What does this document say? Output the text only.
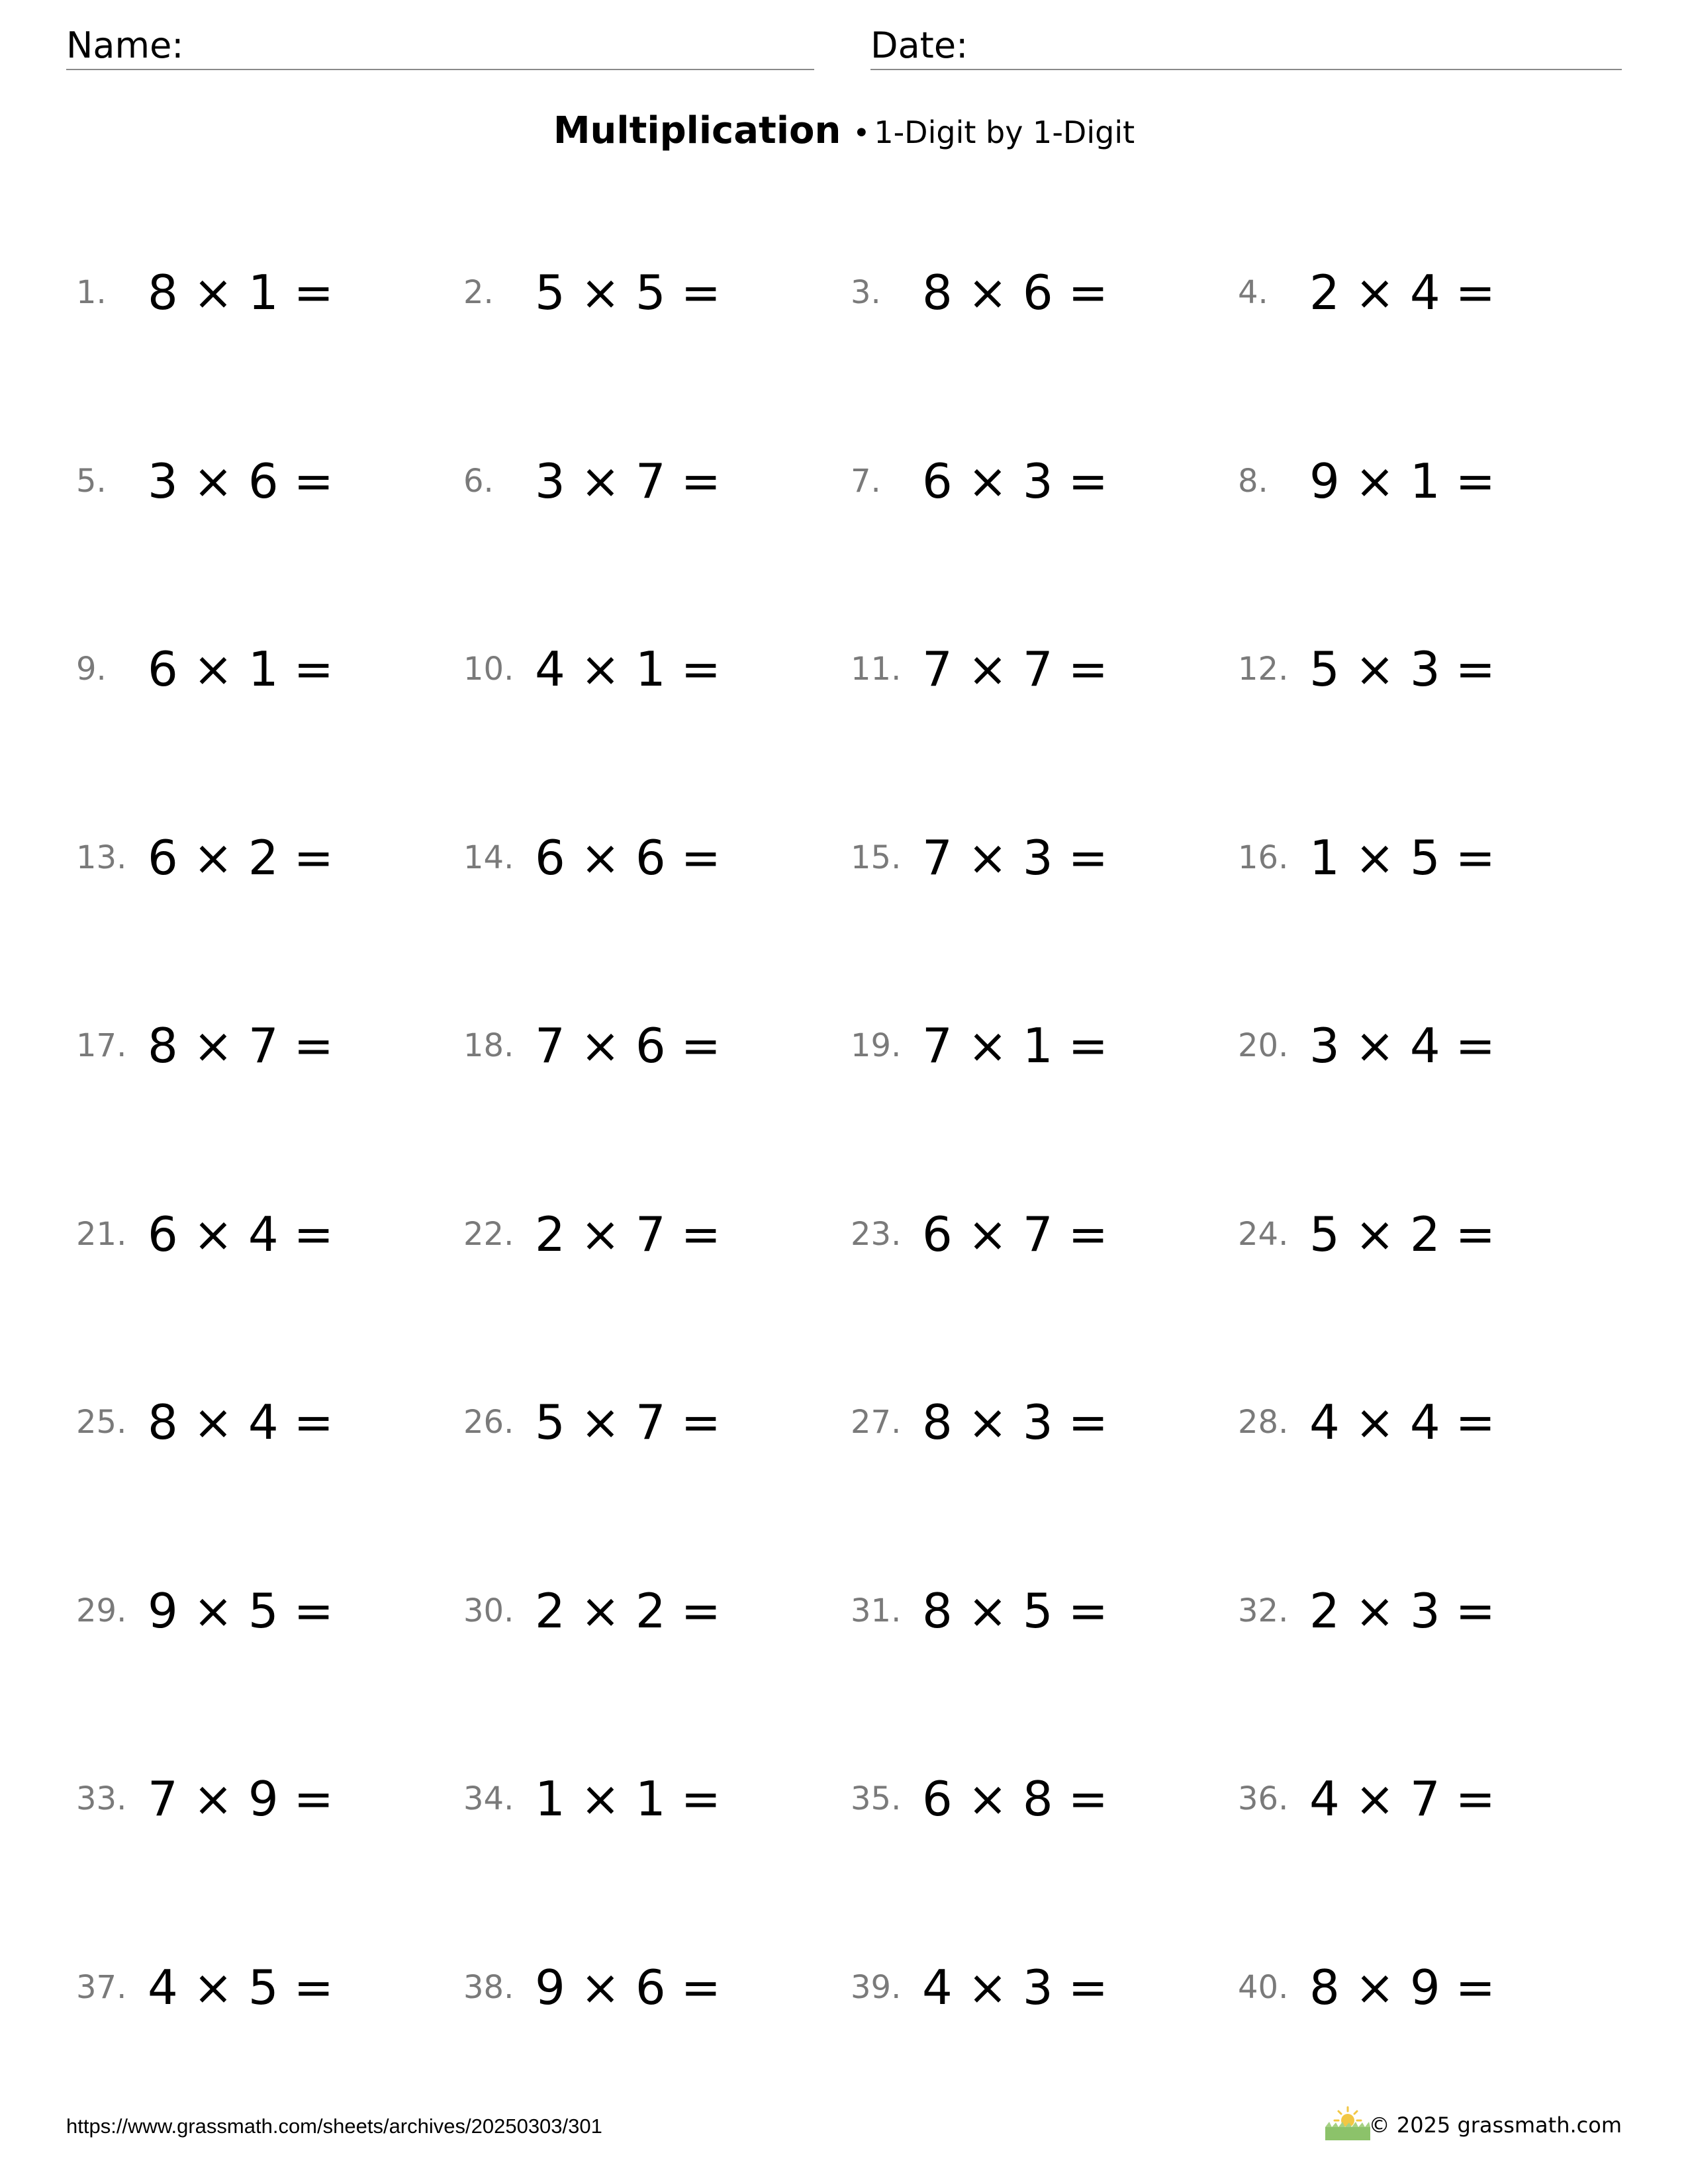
Name:	Date:
Multiplication • 1-Digit by 1-Digit
1. 8 × 1 =	2. 5 × 5 =	3. 8 × 6 =	4. 2 × 4 =
5. 3 × 6 =	6. 3 × 7 =	7. 6 × 3 =	8. 9 × 1 =
9. 6 × 1 =	10. 4 × 1 =	11. 7 × 7 =	12. 5 × 3 =
13. 6 × 2 =	14. 6 × 6 =	15. 7 × 3 =	16. 1 × 5 =
17. 8 × 7 =	18. 7 × 6 =	19. 7 × 1 =	20. 3 × 4 =
21. 6 × 4 =	22. 2 × 7 =	23. 6 × 7 =	24. 5 × 2 =
25. 8 × 4 =	26. 5 × 7 =	27. 8 × 3 =	28. 4 × 4 =
29. 9 × 5 =	30. 2 × 2 =	31. 8 × 5 =	32. 2 × 3 =
33. 7 × 9 =	34. 1 × 1 =	35. 6 × 8 =	36. 4 × 7 =
37. 4 × 5 =	38. 9 × 6 =	39. 4 × 3 =	40. 8 × 9 =
https://www.grassmath.com/sheets/archives/20250303/301	© 2025 grassmath.com
